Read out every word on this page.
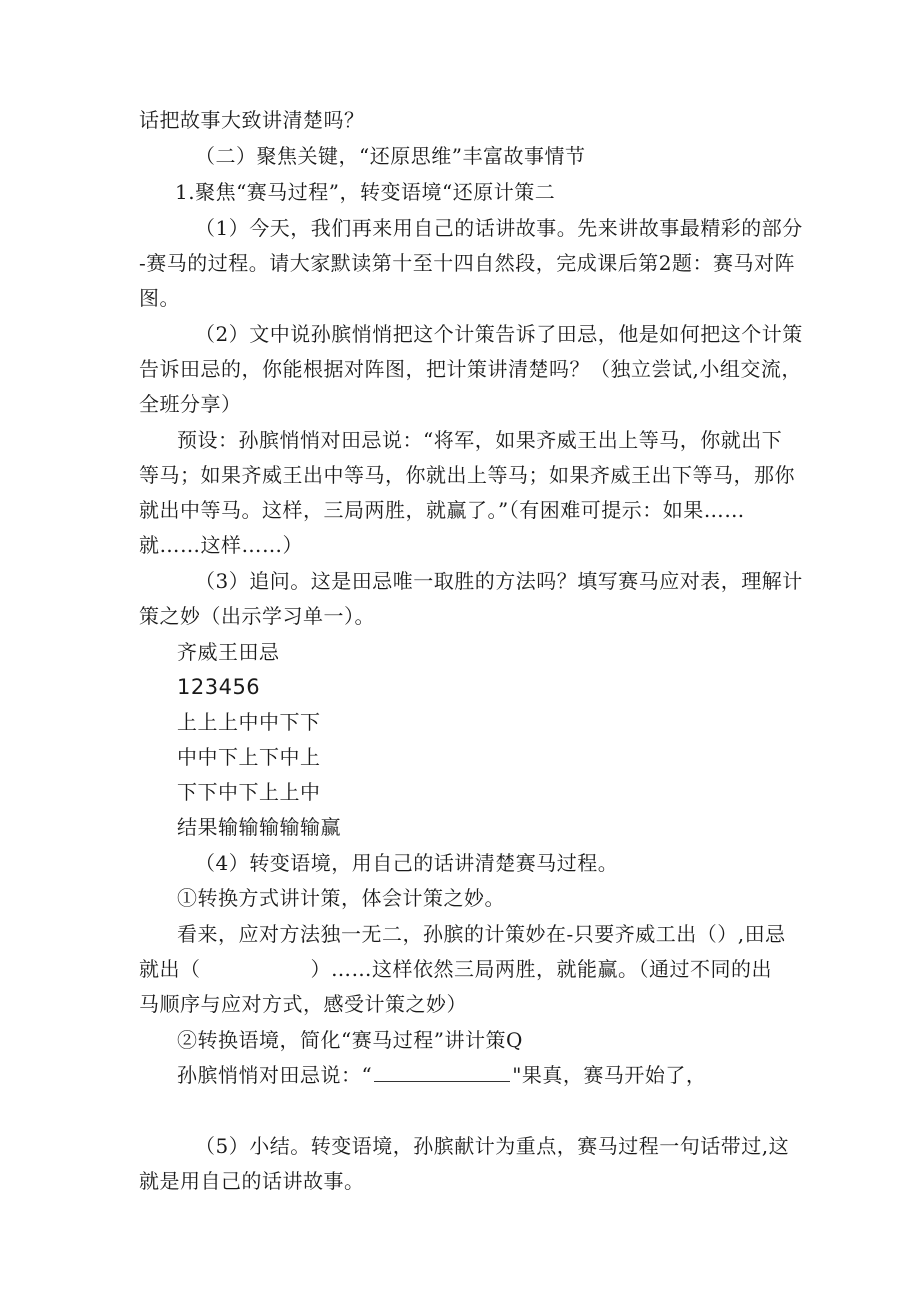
话把故事大致讲清楚吗？
（二）聚焦关键，“还原思维”丰富故事情节
1.聚焦“赛马过程”，转变语境“还原计策二
（1）今天，我们再来用自己的话讲故事。先来讲故事最精彩的部分
-赛马的过程。请大家默读第十至十四自然段，完成课后第2题：赛马对阵
图。
（2）文中说孙膑悄悄把这个计策告诉了田忌，他是如何把这个计策
告诉田忌的，你能根据对阵图，把计策讲清楚吗？（独立尝试,小组交流，
全班分享）
预设：孙膑悄悄对田忌说：“将军，如果齐威王出上等马，你就出下
等马；如果齐威王出中等马，你就出上等马；如果齐威王出下等马，那你
就出中等马。这样，三局两胜，就赢了。”（有困难可提示：如果……
就……这样……）
（3）追问。这是田忌唯一取胜的方法吗？填写赛马应对表，理解计
策之妙（出示学习单一）。
齐威王田忌
123456
上上上中中下下
中中下上下中上
下下中下上上中
结果输输输输输赢
（4）转变语境，用自己的话讲清楚赛马过程。
①转换方式讲计策，体会计策之妙。
看来，应对方法独一无二，孙膑的计策妙在-只要齐威工出（）,田忌
就出（	）……这样依然三局两胜，就能赢。（通过不同的出
马顺序与应对方式，感受计策之妙）
②转换语境，简化“赛马过程”讲计策Q
孙膑悄悄对田忌说：“	"果真，赛马开始了，
（5）小结。转变语境，孙膑献计为重点，赛马过程一句话带过,这
就是用自己的话讲故事。
